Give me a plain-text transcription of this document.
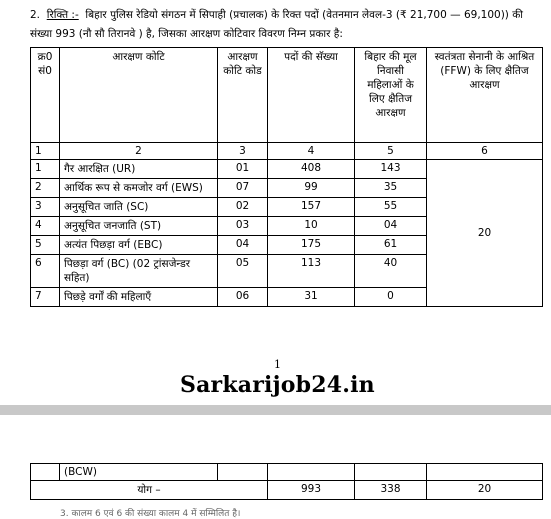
2. रिक्ति :- बिहार पुलिस रेडियो संगठन में सिपाही (प्रचालक) के रिक्त पदों (वेतनमान लेवल-3 (₹ 21,700 — 69,100)) की संख्या 993 (नौ सौ तिरानवे ) है, जिसका आरक्षण कोटिवार विवरण निम्न प्रकार है:
क्र0 सं0	आरक्षण कोटि	आरक्षण कोटि कोड	पदों की सॅख्या	बिहार की मूल निवासी महिलाओं के लिए क्षैतिज आरक्षण	स्वतंत्रता सेनानी के आश्रित (FFW) के लिए क्षैतिज आरक्षण
1	2	3	4	5	6
1	गैर आरक्षित (UR)	01	408	143	20
2	आर्थिक रूप से कमजोर वर्ग (EWS)	07	99	35	
3	अनुसूचित जाति (SC)	02	157	55	
4	अनुसूचित जनजाति (ST)	03	10	04	
5	अत्यंत पिछड़ा वर्ग (EBC)	04	175	61	
6	पिछड़ा वर्ग (BC) (02 ट्रांसजेन्डर सहित)	05	113	40	
7	पिछड़े वर्गों की महिलाएँ	06	31	0	
1
Sarkarijob24.in
	(BCW)				
योग –			993	338	20
3. कालम 6 एवं 6 की संख्या कालम 4 में सम्मिलित है।
